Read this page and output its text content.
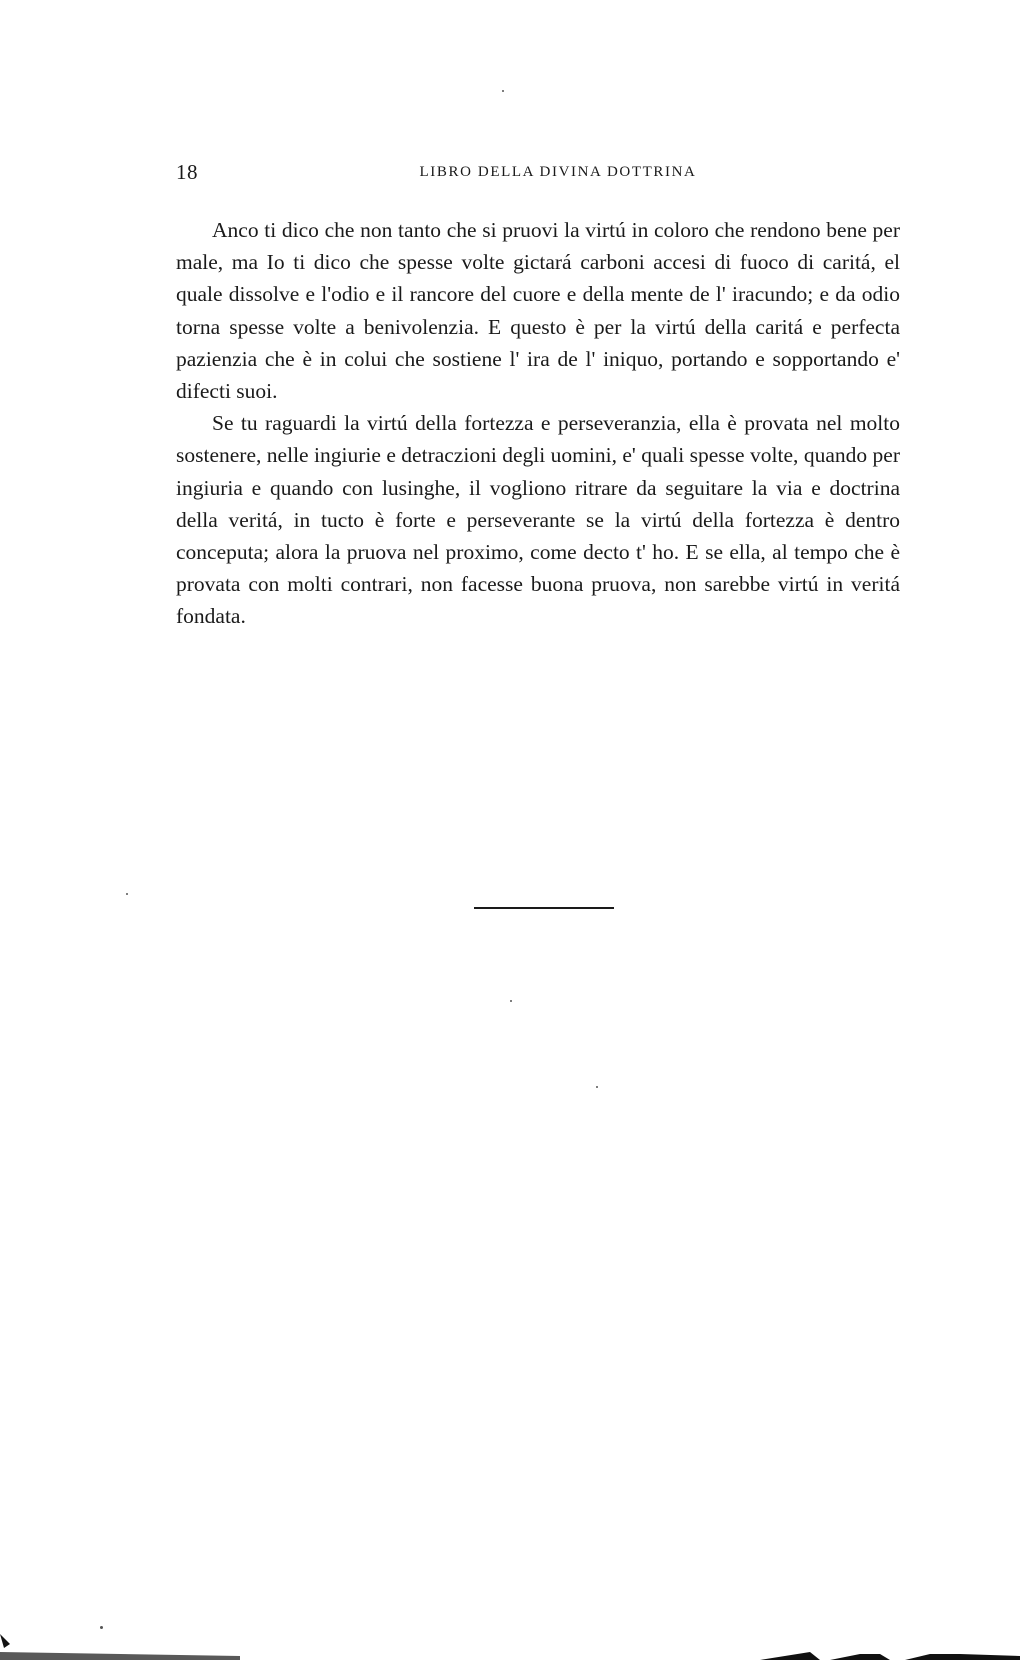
18	LIBRO DELLA DIVINA DOTTRINA

Anco ti dico che non tanto che si pruovi la virtú in coloro che rendono bene per male, ma Io ti dico che spesse volte gictará carboni accesi di fuoco di caritá, el quale dissolve e l'odio e il rancore del cuore e della mente de l' iracundo; e da odio torna spesse volte a benivolenzia. E questo è per la virtú della caritá e perfecta pazienzia che è in colui che sostiene l' ira de l' iniquo, portando e sopportando e' difecti suoi.

Se tu raguardi la virtú della fortezza e perseveranzia, ella è provata nel molto sostenere, nelle ingiurie e detraczioni degli uomini, e' quali spesse volte, quando per ingiuria e quando con lusinghe, il vogliono ritrare da seguitare la via e doctrina della veritá, in tucto è forte e perseverante se la virtú della fortezza è dentro conceputa; alora la pruova nel proximo, come decto t' ho. E se ella, al tempo che è provata con molti contrari, non facesse buona pruova, non sarebbe virtú in veritá fondata.
